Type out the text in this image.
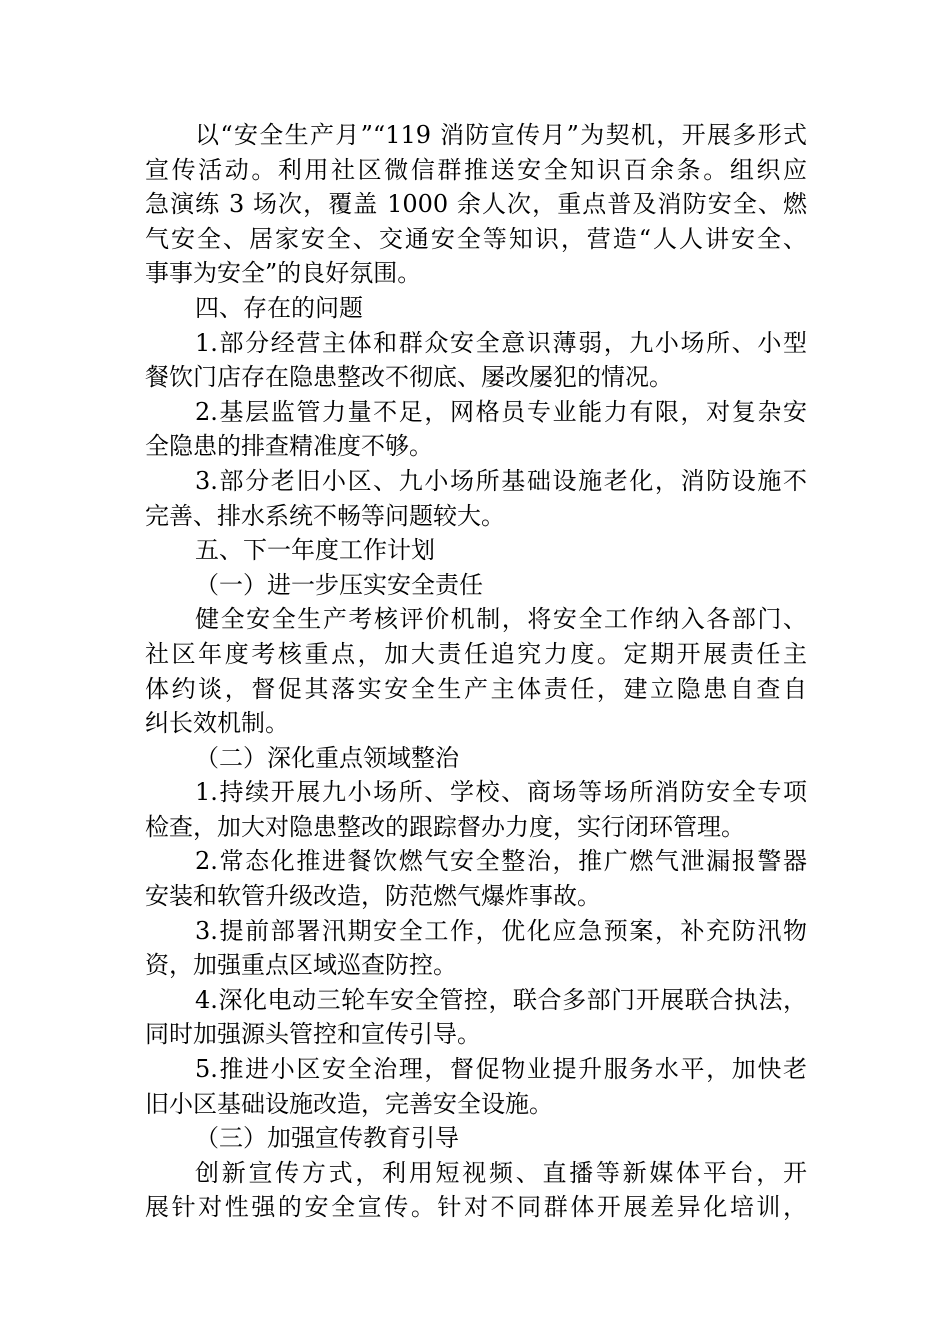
以“安全生产月”“119 消防宣传月”为契机，开展多形式
宣传活动。利用社区微信群推送安全知识百余条。组织应
急演练 3 场次，覆盖 1000 余人次，重点普及消防安全、燃
气安全、居家安全、交通安全等知识，营造“人人讲安全、
事事为安全”的良好氛围。
四、存在的问题
1.部分经营主体和群众安全意识薄弱，九小场所、小型
餐饮门店存在隐患整改不彻底、屡改屡犯的情况。
2.基层监管力量不足，网格员专业能力有限，对复杂安
全隐患的排查精准度不够。
3.部分老旧小区、九小场所基础设施老化，消防设施不
完善、排水系统不畅等问题较大。
五、下一年度工作计划
（一）进一步压实安全责任
健全安全生产考核评价机制，将安全工作纳入各部门、
社区年度考核重点，加大责任追究力度。定期开展责任主
体约谈，督促其落实安全生产主体责任，建立隐患自查自
纠长效机制。
（二）深化重点领域整治
1.持续开展九小场所、学校、商场等场所消防安全专项
检查，加大对隐患整改的跟踪督办力度，实行闭环管理。
2.常态化推进餐饮燃气安全整治，推广燃气泄漏报警器
安装和软管升级改造，防范燃气爆炸事故。
3.提前部署汛期安全工作，优化应急预案，补充防汛物
资，加强重点区域巡查防控。
4.深化电动三轮车安全管控，联合多部门开展联合执法，
同时加强源头管控和宣传引导。
5.推进小区安全治理，督促物业提升服务水平，加快老
旧小区基础设施改造，完善安全设施。
（三）加强宣传教育引导
创新宣传方式，利用短视频、直播等新媒体平台，开
展针对性强的安全宣传。针对不同群体开展差异化培训，
